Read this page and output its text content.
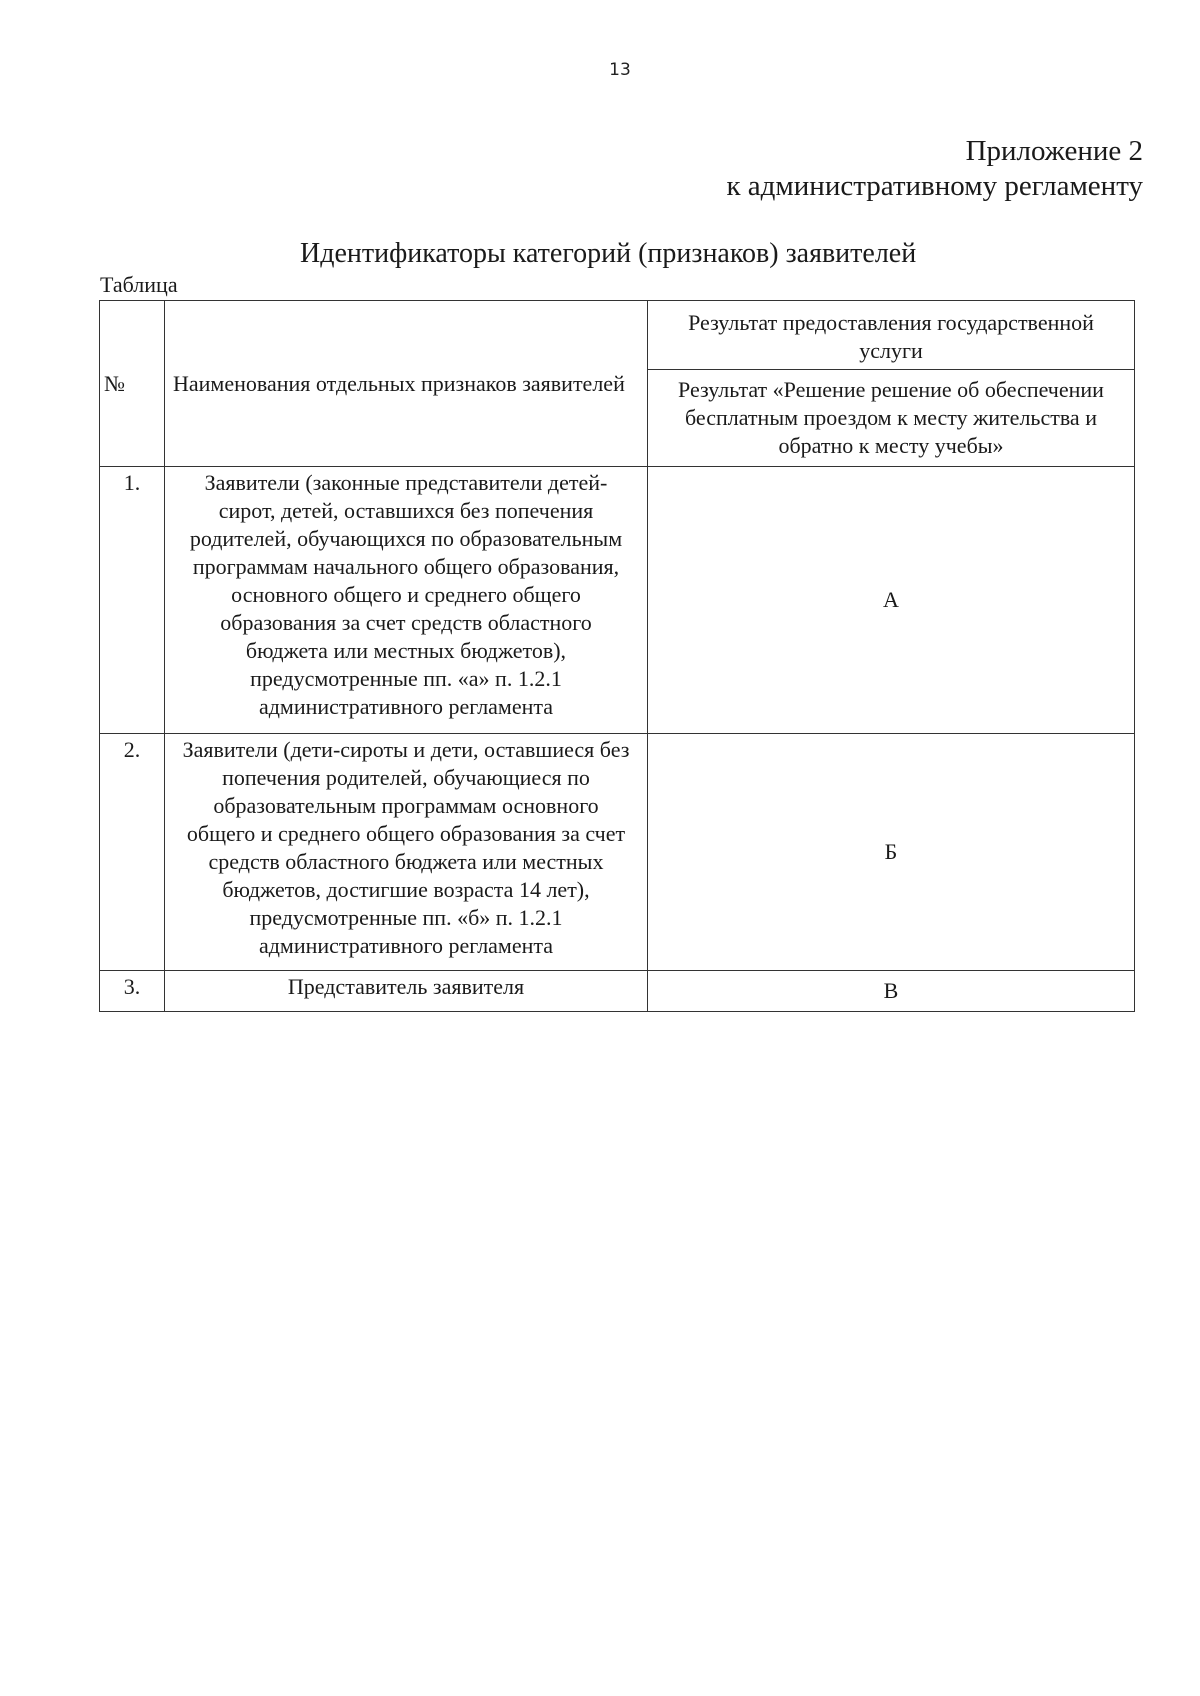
13
Приложение 2
к административному регламенту
Идентификаторы категорий (признаков) заявителей
Таблица
№	Наименования отдельных признаков заявителей	Результат предоставления государственной услуги
		Результат «Решение решение об обеспечении бесплатным проездом к месту жительства и обратно к месту учебы»
1.	Заявители (законные представители детей-сирот, детей, оставшихся без попечения родителей, обучающихся по образовательным программам начального общего образования, основного общего и среднего общего образования за счет средств областного бюджета или местных бюджетов), предусмотренные пп. «а» п. 1.2.1 административного регламента	А
2.	Заявители (дети-сироты и дети, оставшиеся без попечения родителей, обучающиеся по образовательным программам основного общего и среднего общего образования за счет средств областного бюджета или местных бюджетов, достигшие возраста 14 лет), предусмотренные пп. «б» п. 1.2.1 административного регламента	Б
3.	Представитель заявителя	В
